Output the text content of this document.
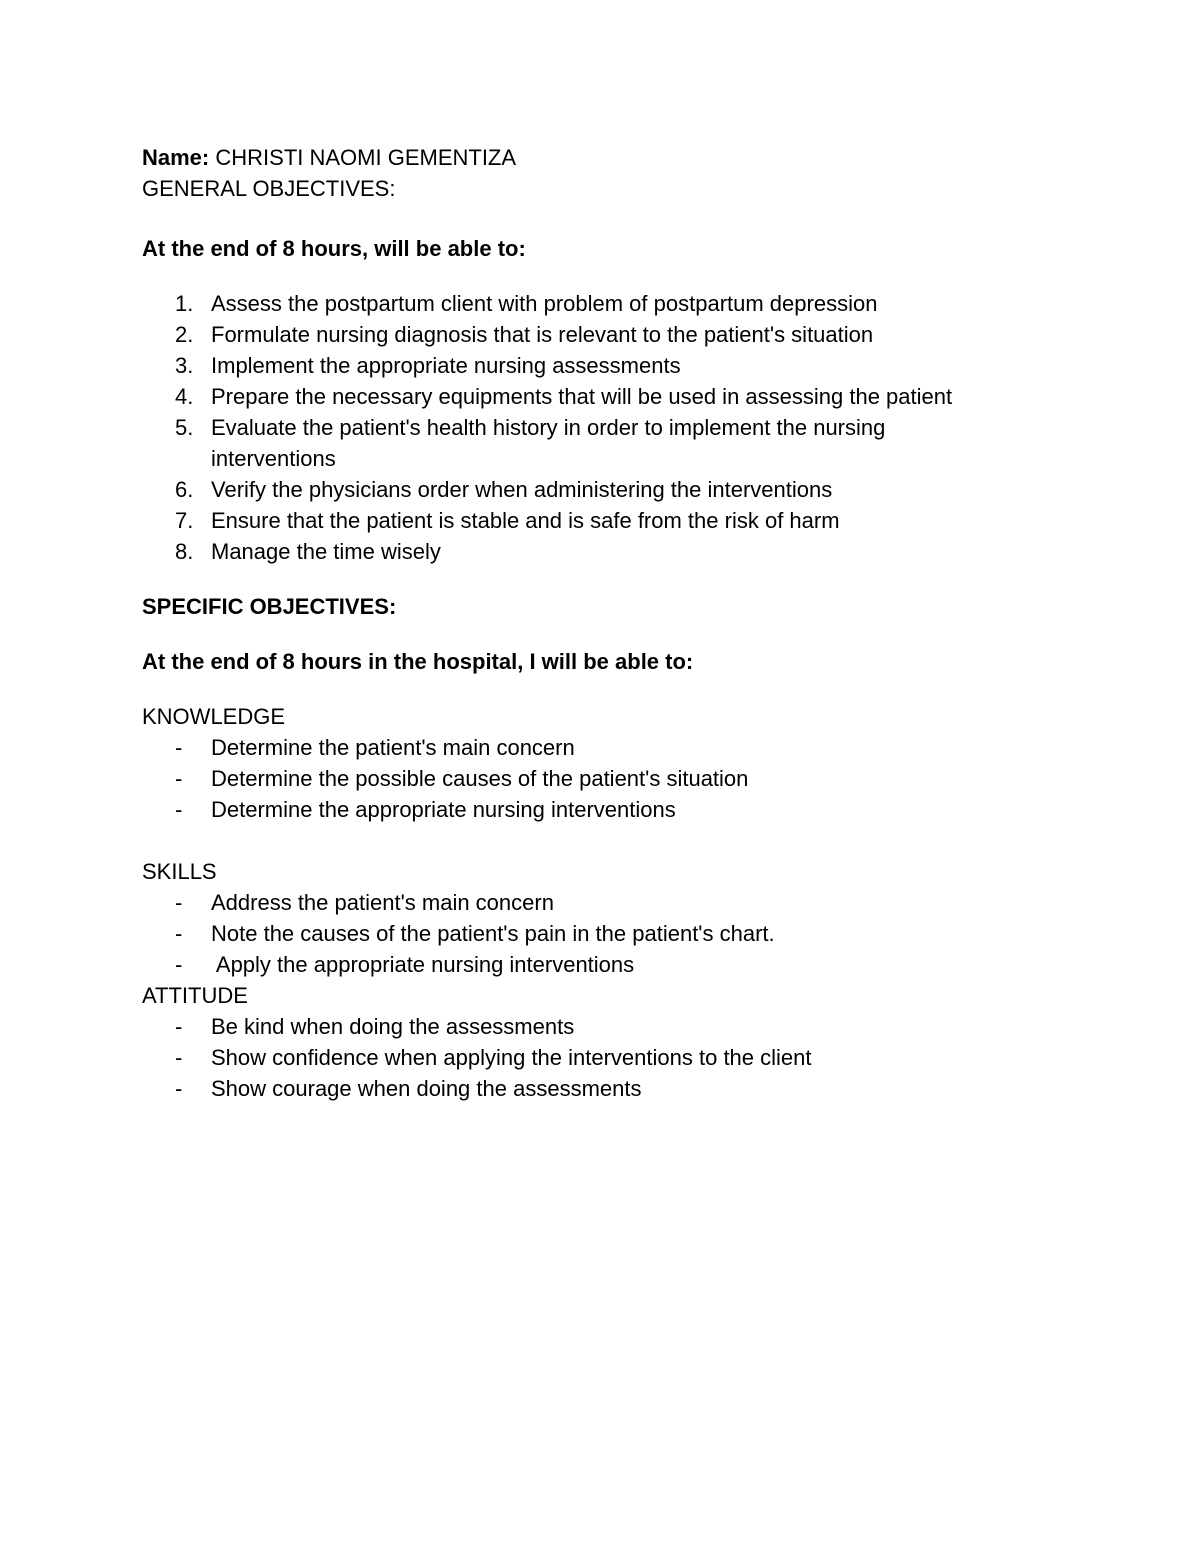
Name: CHRISTI NAOMI GEMENTIZA

GENERAL OBJECTIVES:

At the end of 8 hours, will be able to:

1. Assess the postpartum client with problem of postpartum depression
2. Formulate nursing diagnosis that is relevant to the patient's situation
3. Implement the appropriate nursing assessments
4. Prepare the necessary equipments that will be used in assessing the patient
5. Evaluate the patient's health history in order to implement the nursing interventions
6. Verify the physicians order when administering the interventions
7. Ensure that the patient is stable and is safe from the risk of harm
8. Manage the time wisely

SPECIFIC OBJECTIVES:

At the end of 8 hours in the hospital, I will be able to:

KNOWLEDGE

-	Determine the patient's main concern
-	Determine the possible causes of the patient's situation
-	Determine the appropriate nursing interventions

SKILLS

-	Address the patient's main concern
-	Note the causes of the patient's pain in the patient's chart.
-	Apply the appropriate nursing interventions

ATTITUDE

-	Be kind when doing the assessments
-	Show confidence when applying the interventions to the client
-	Show courage when doing the assessments
